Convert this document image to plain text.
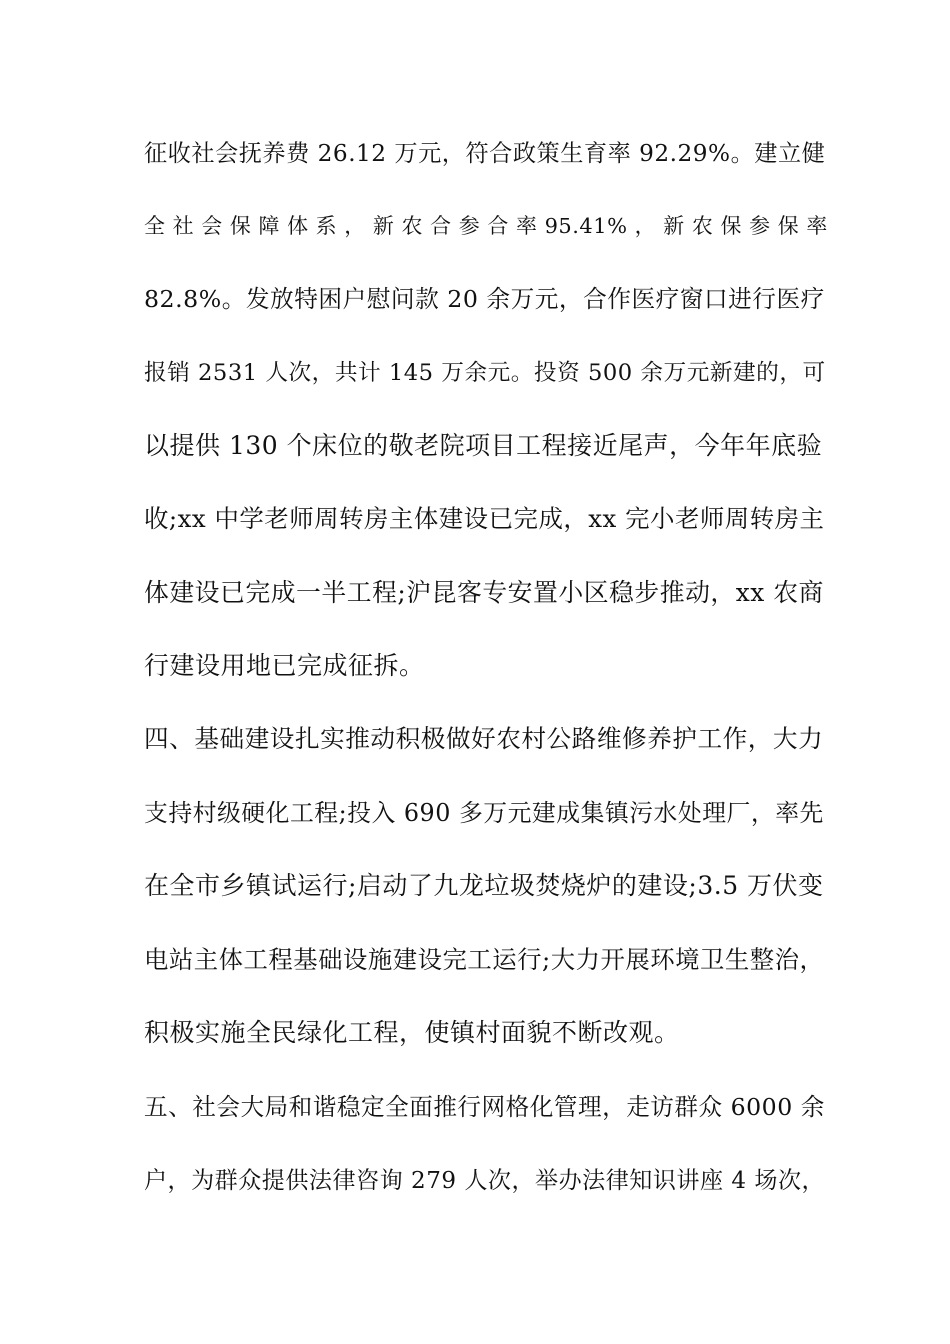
征收社会抚养费 26.12 万元，符合政策生育率 92.29%。建立健
全 社 会 保 障 体 系 ， 新 农 合 参 合 率 95.41% ， 新 农 保 参 保 率
82.8%。发放特困户慰问款 20 余万元，合作医疗窗口进行医疗
报销 2531 人次，共计 145 万余元。投资 500 余万元新建的，可
以提供 130 个床位的敬老院项目工程接近尾声，今年年底验
收;xx 中学老师周转房主体建设已完成，xx 完小老师周转房主
体建设已完成一半工程;沪昆客专安置小区稳步推动，xx 农商
行建设用地已完成征拆。
四、基础建设扎实推动积极做好农村公路维修养护工作，大力
支持村级硬化工程;投入 690 多万元建成集镇污水处理厂，率先
在全市乡镇试运行;启动了九龙垃圾焚烧炉的建设;3.5 万伏变
电站主体工程基础设施建设完工运行;大力开展环境卫生整治，
积极实施全民绿化工程，使镇村面貌不断改观。
五、社会大局和谐稳定全面推行网格化管理，走访群众 6000 余
户，为群众提供法律咨询 279 人次，举办法律知识讲座 4 场次，
